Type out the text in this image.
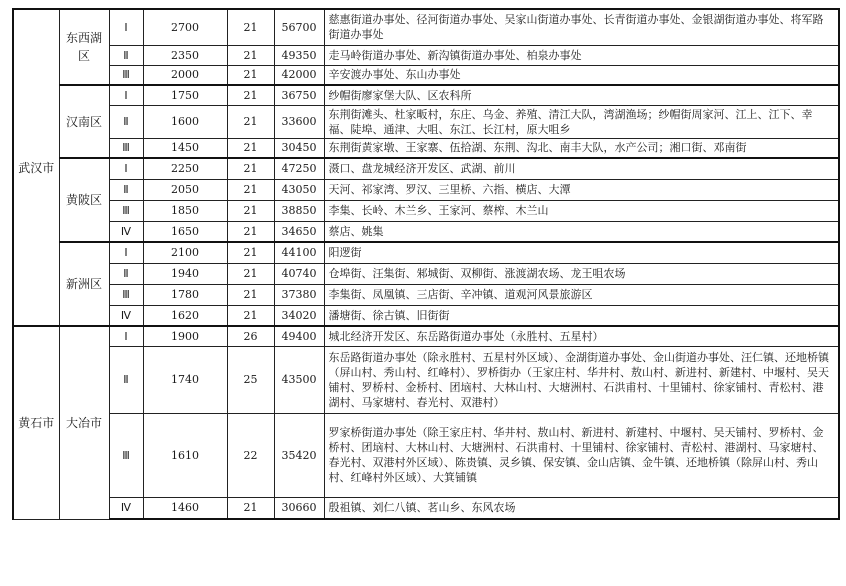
武汉市	东西湖区	Ⅰ	2700	21	56700	慈惠街道办事处、径河街道办事处、吴家山街道办事处、长青街道办事处、金银湖街道办事处、将军路街道办事处
		Ⅱ	2350	21	49350	走马岭街道办事处、新沟镇街道办事处、柏泉办事处
		Ⅲ	2000	21	42000	辛安渡办事处、东山办事处
	汉南区	Ⅰ	1750	21	36750	纱帽街廖家堡大队、区农科所
		Ⅱ	1600	21	33600	东荆街滩头、杜家畈村，东庄、乌金、养殖、清江大队，湾湖渔场；纱帽街周家河、江上、江下、幸福、陡埠、通津、大咀、东江、长江村，原大咀乡
		Ⅲ	1450	21	30450	东荆街黄家墩、王家寨、伍拾湖、东荆、沟北、南丰大队，水产公司；湘口街、邓南街
	黄陂区	Ⅰ	2250	21	47250	滠口、盘龙城经济开发区、武湖、前川
		Ⅱ	2050	21	43050	天河、祁家湾、罗汉、三里桥、六指、横店、大潭
		Ⅲ	1850	21	38850	李集、长岭、木兰乡、王家河、蔡榨、木兰山
		Ⅳ	1650	21	34650	蔡店、姚集
	新洲区	Ⅰ	2100	21	44100	阳逻街
		Ⅱ	1940	21	40740	仓埠街、汪集街、邾城街、双柳街、涨渡湖农场、龙王咀农场
		Ⅲ	1780	21	37380	李集街、凤凰镇、三店街、辛冲镇、道观河风景旅游区
		Ⅳ	1620	21	34020	潘塘街、徐古镇、旧街街
黄石市	大冶市	Ⅰ	1900	26	49400	城北经济开发区、东岳路街道办事处（永胜村、五星村）
		Ⅱ	1740	25	43500	东岳路街道办事处（除永胜村、五星村外区域）、金湖街道办事处、金山街道办事处、汪仁镇、还地桥镇（屏山村、秀山村、红峰村）、罗桥街办（王家庄村、华井村、敖山村、新进村、新建村、中堰村、吴天铺村、罗桥村、金桥村、团垴村、大林山村、大塘洲村、石洪甫村、十里铺村、徐家铺村、青松村、港湖村、马家塘村、春光村、双港村）
		Ⅲ	1610	22	35420	罗家桥街道办事处（除王家庄村、华井村、敖山村、新进村、新建村、中堰村、吴天铺村、罗桥村、金桥村、团垴村、大林山村、大塘洲村、石洪甫村、十里铺村、徐家铺村、青松村、港湖村、马家塘村、春光村、双港村外区域）、陈贵镇、灵乡镇、保安镇、金山店镇、金牛镇、还地桥镇（除屏山村、秀山村、红峰村外区域）、大箕铺镇
		Ⅳ	1460	21	30660	殷祖镇、刘仁八镇、茗山乡、东风农场
